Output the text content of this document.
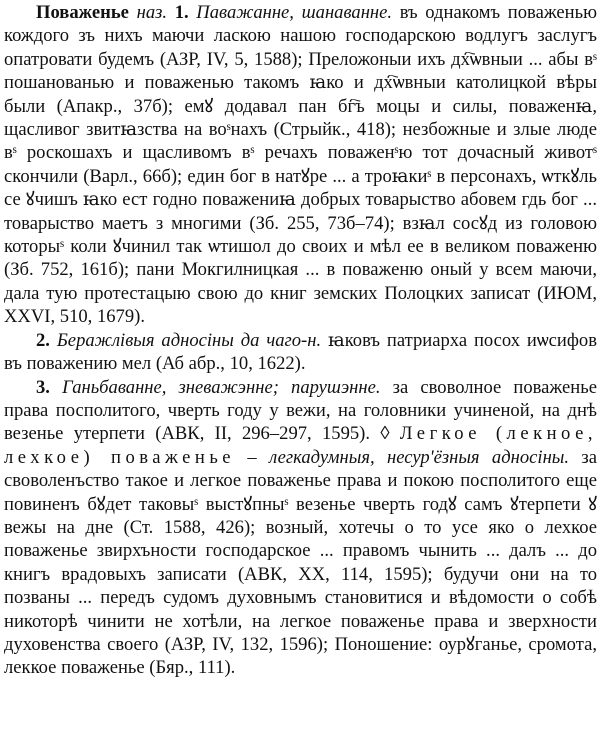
Поваженье наз. 1. Паважанне, шанаванне. въ однакомъ поваженью кождого зъ нихъ маючи ласкою нашою господарскою водлугъ заслугъ опатровати будемъ (АЗР, IV, 5, 1588); Преложоныи ихъ дх҇ѡвныи ... абы вˢ пошанованью и поваженью такомъ ꙗко и дх҇ѡвныи католицкой вѣры были (Апакр., 37б); емꙋ додавал пан бг҇ъ моцы и силы, поваженꙗ, щасливог звитꙗзства на воˢнахъ (Стрыйк., 418); незбожные и злые люде вˢ роскошахъ и щасливомъ вˢ речахъ поваженˢю тот дочасный животˢ скончили (Варл., 66б); един бог в натꙋре ... а троꙗкиˢ в персонахъ, ѡткꙋль се ꙋчишъ ꙗко ест годно поважениꙗ добрых товарыство абовем гдь бог ... товарыство маетъ з многими (Зб. 255, 73б–74); взꙗл сосꙋд из головою которыˢ коли ꙋчинил так ѡтишол до своих и мѣл ее в великом поваженю (Зб. 752, 161б); пани Мокгилницкая ... в поваженю оный у всем маючи, дала тую протестацыю свою до книг земских Полоцких записат (ИЮМ, XXVI, 510, 1679).

2. Беражлівыя адносіны да чаго-н. ꙗковъ патриарха посох иѡсифов въ поважению мел (Аб абр., 10, 1622).

3. Ганьбаванне, зневажэнне; парушэнне. за своволное поваженье права посполитого, чверть году у вежи, на головники учиненой, на днѣ везенье утерпети (АВК, II, 296–297, 1595). ◊ Легкое (лекное, лехкое) поваженье – легкадумныя, несур'ёзныя адносіны. за своволенъство такое и легкое поваженье права и покою посполитого еще повиненъ бꙋдет таковыˢ выстꙋпныˢ везенье чверть годꙋ самъ ꙋтерпети ꙋ вежы на дне (Ст. 1588, 426); возный, хотечы о то усе яко о лехкое поваженье звирхъности господарское ... правомъ чынить ... далъ ... до книгъ врадовыхъ записати (АВК, XX, 114, 1595); будучи они на то позваны ... передъ судомъ духовнымъ становитися и вѣдомости о собѣ никоторѣ чинити не хотѣли, на легкое поваженье права и зверхности духовенства своего (АЗР, IV, 132, 1596); Поношение: оурꙋганье, сромота, леккое поваженье (Бяр., 111).
